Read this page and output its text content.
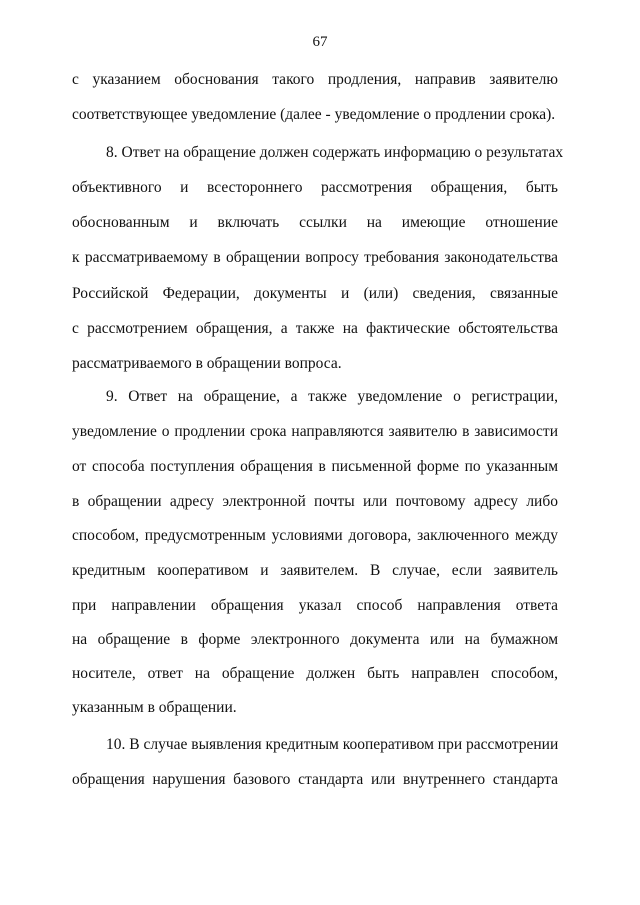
67
с указанием обоснования такого продления, направив заявителю
соответствующее уведомление (далее - уведомление о продлении срока).
8. Ответ на обращение должен содержать информацию о результатах
объективного и всестороннего рассмотрения обращения, быть
обоснованным и включать ссылки на имеющие отношение
к рассматриваемому в обращении вопросу требования законодательства
Российской Федерации, документы и (или) сведения, связанные
с рассмотрением обращения, а также на фактические обстоятельства
рассматриваемого в обращении вопроса.
9. Ответ на обращение, а также уведомление о регистрации,
уведомление о продлении срока направляются заявителю в зависимости
от способа поступления обращения в письменной форме по указанным
в обращении адресу электронной почты или почтовому адресу либо
способом, предусмотренным условиями договора, заключенного между
кредитным кооперативом и заявителем. В случае, если заявитель
при направлении обращения указал способ направления ответа
на обращение в форме электронного документа или на бумажном
носителе, ответ на обращение должен быть направлен способом,
указанным в обращении.
10. В случае выявления кредитным кооперативом при рассмотрении
обращения нарушения базового стандарта или внутреннего стандарта
